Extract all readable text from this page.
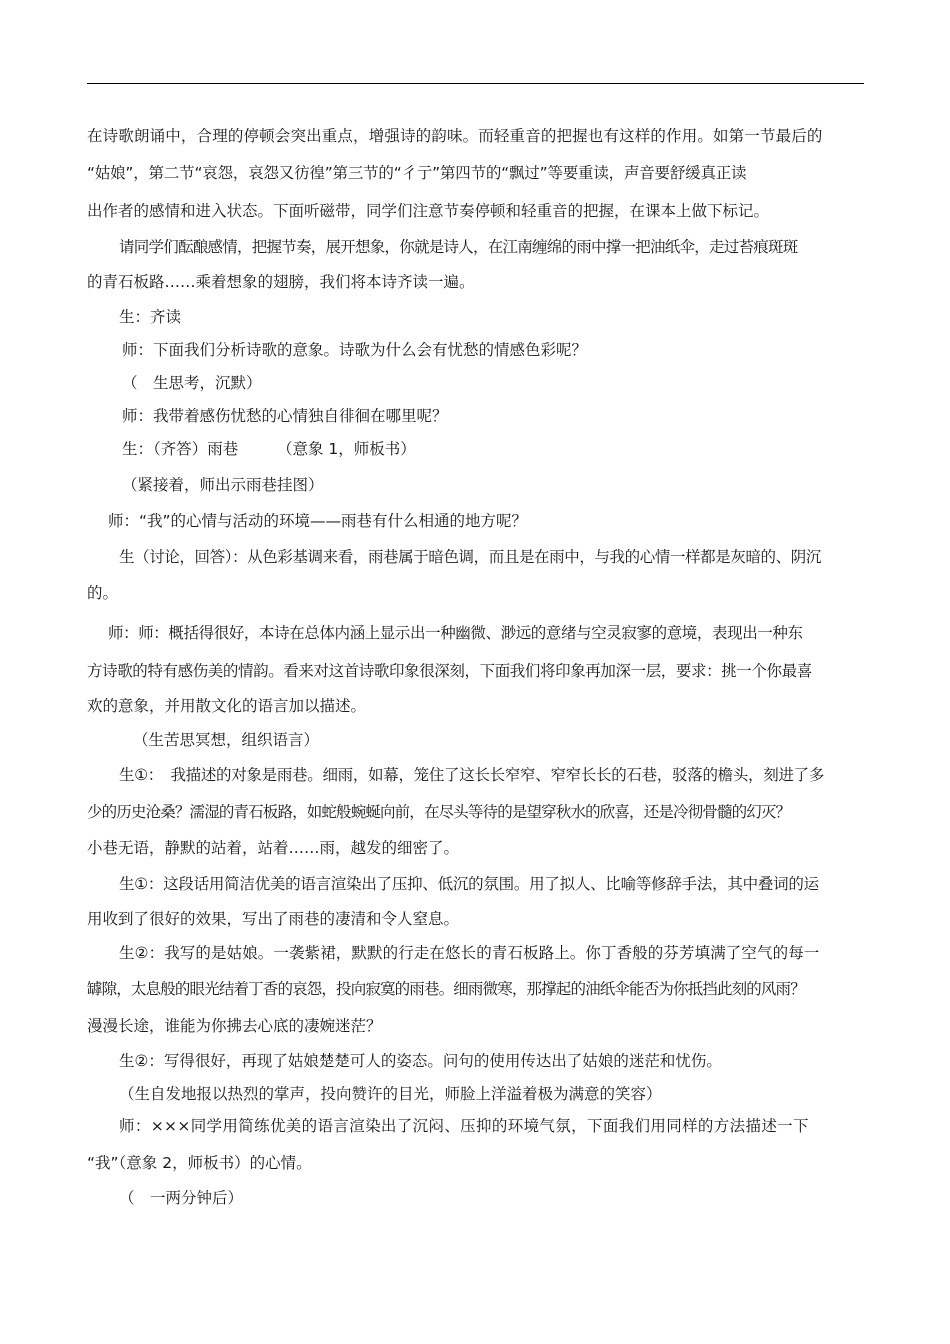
在诗歌朗诵中，合理的停顿会突出重点，增强诗的韵味。而轻重音的把握也有这样的作用。如第一节最后的
“姑娘”，第二节“哀怨，哀怨又彷徨”第三节的“彳亍”第四节的“飘过”等要重读，声音要舒缓真正读
出作者的感情和进入状态。下面听磁带，同学们注意节奏停顿和轻重音的把握，在课本上做下标记。
请同学们酝酿感情，把握节奏，展开想象，你就是诗人，在江南缠绵的雨中撑一把油纸伞，走过苔痕斑斑
的青石板路……乘着想象的翅膀，我们将本诗齐读一遍。
生：齐读
师：下面我们分析诗歌的意象。诗歌为什么会有忧愁的情感色彩呢？
（　生思考，沉默）
师：我带着感伤忧愁的心情独自徘徊在哪里呢？
生：（齐答）雨巷　　　（意象 1，师板书）
（紧接着，师出示雨巷挂图）
师：“我”的心情与活动的环境——雨巷有什么相通的地方呢？
生（讨论，回答）：从色彩基调来看，雨巷属于暗色调，而且是在雨中，与我的心情一样都是灰暗的、阴沉
的。
师：师：概括得很好，本诗在总体内涵上显示出一种幽微、渺远的意绪与空灵寂寥的意境，表现出一种东
方诗歌的特有感伤美的情韵。看来对这首诗歌印象很深刻，下面我们将印象再加深一层，要求：挑一个你最喜
欢的意象，并用散文化的语言加以描述。
（生苦思冥想，组织语言）
生①：　我描述的对象是雨巷。细雨，如幕，笼住了这长长窄窄、窄窄长长的石巷，驳落的檐头，刻进了多
少的历史沧桑？濡湿的青石板路，如蛇般蜿蜒向前，在尽头等待的是望穿秋水的欣喜，还是冷彻骨髓的幻灭？
小巷无语，静默的站着，站着……雨，越发的细密了。
生①：这段话用简洁优美的语言渲染出了压抑、低沉的氛围。用了拟人、比喻等修辞手法，其中叠词的运
用收到了很好的效果，写出了雨巷的凄清和令人窒息。
生②：我写的是姑娘。一袭紫裙，默默的行走在悠长的青石板路上。你丁香般的芬芳填满了空气的每一
罅隙，太息般的眼光结着丁香的哀怨，投向寂寞的雨巷。细雨微寒，那撑起的油纸伞能否为你抵挡此刻的风雨？
漫漫长途，谁能为你拂去心底的凄婉迷茫？
生②：写得很好，再现了姑娘楚楚可人的姿态。问句的使用传达出了姑娘的迷茫和忧伤。
（生自发地报以热烈的掌声，投向赞许的目光，师脸上洋溢着极为满意的笑容）
师：×××同学用简练优美的语言渲染出了沉闷、压抑的环境气氛，下面我们用同样的方法描述一下
“我”（意象 2，师板书）的心情。
（　一两分钟后）
